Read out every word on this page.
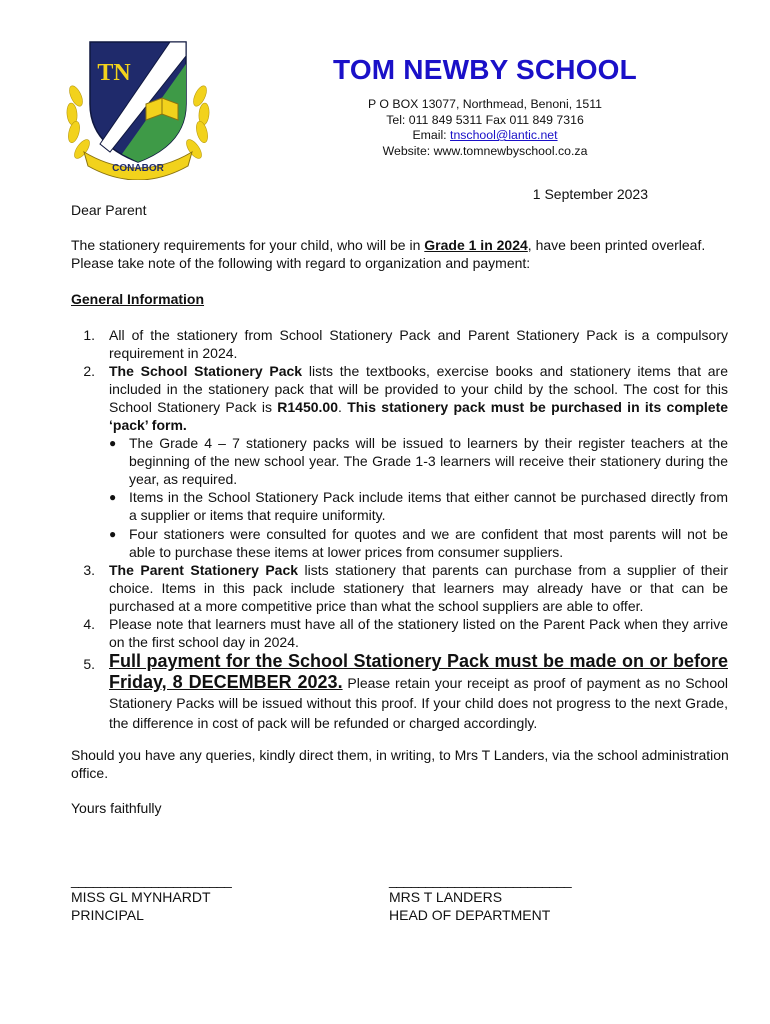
TN
CONABOR
TOM NEWBY SCHOOL
P O BOX 13077, Northmead, Benoni, 1511
Tel: 011 849 5311 Fax 011 849 7316
Email: tnschool@lantic.net
Website: www.tomnewbyschool.co.za
1 September 2023
Dear Parent
The stationery requirements for your child, who will be in Grade 1 in 2024, have been printed overleaf. Please take note of the following with regard to organization and payment:
General Information
1. All of the stationery from School Stationery Pack and Parent Stationery Pack is a compulsory requirement in 2024.
2. The School Stationery Pack lists the textbooks, exercise books and stationery items that are included in the stationery pack that will be provided to your child by the school. The cost for this School Stationery Pack is R1450.00. This stationery pack must be purchased in its complete ‘pack’ form.
● The Grade 4 – 7 stationery packs will be issued to learners by their register teachers at the beginning of the new school year. The Grade 1-3 learners will receive their stationery during the year, as required.
● Items in the School Stationery Pack include items that either cannot be purchased directly from a supplier or items that require uniformity.
● Four stationers were consulted for quotes and we are confident that most parents will not be able to purchase these items at lower prices from consumer suppliers.
3. The Parent Stationery Pack lists stationery that parents can purchase from a supplier of their choice. Items in this pack include stationery that learners may already have or that can be purchased at a more competitive price than what the school suppliers are able to offer.
4. Please note that learners must have all of the stationery listed on the Parent Pack when they arrive on the first school day in 2024.
5. Full payment for the School Stationery Pack must be made on or before Friday, 8 DECEMBER 2023. Please retain your receipt as proof of payment as no School Stationery Packs will be issued without this proof. If your child does not progress to the next Grade, the difference in cost of pack will be refunded or charged accordingly.
Should you have any queries, kindly direct them, in writing, to Mrs T Landers, via the school administration office.
Yours faithfully
______________________	_________________________
MISS GL MYNHARDT
PRINCIPAL
MRS T LANDERS
HEAD OF DEPARTMENT
